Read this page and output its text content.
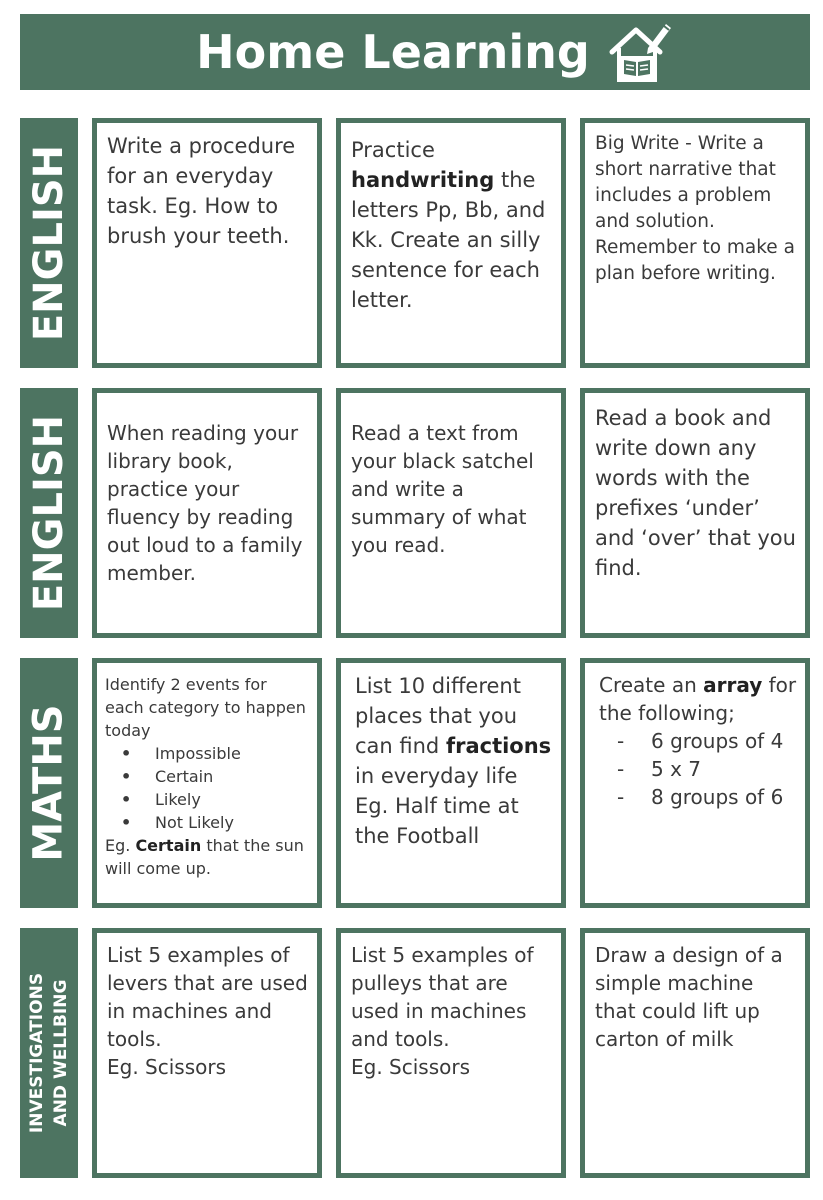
Home Learning
ENGLISH	Write a procedure for an everyday task. Eg. How to brush your teeth.
Practice handwriting the letters Pp, Bb, and Kk. Create an silly sentence for each letter.
Big Write - Write a short narrative that includes a problem and solution. Remember to make a plan before writing.
ENGLISH	When reading your library book, practice your fluency by reading out loud to a family member.
Read a text from your black satchel and write a summary of what you read.
Read a book and write down any words with the prefixes ‘under’ and ‘over’ that you find.
MATHS
Identify 2 events for each category to happen today
• Impossible
• Certain
• Likely
• Not Likely
Eg. Certain that the sun will come up.
List 10 different places that you can find fractions in everyday life Eg. Half time at the Football
Create an array for the following;
- 6 groups of 4
- 5 x 7
- 8 groups of 6
INVESTIGATIONS AND WELLBING
List 5 examples of levers that are used in machines and tools.
Eg. Scissors
List 5 examples of pulleys that are used in machines and tools.
Eg. Scissors
Draw a design of a simple machine that could lift up carton of milk
